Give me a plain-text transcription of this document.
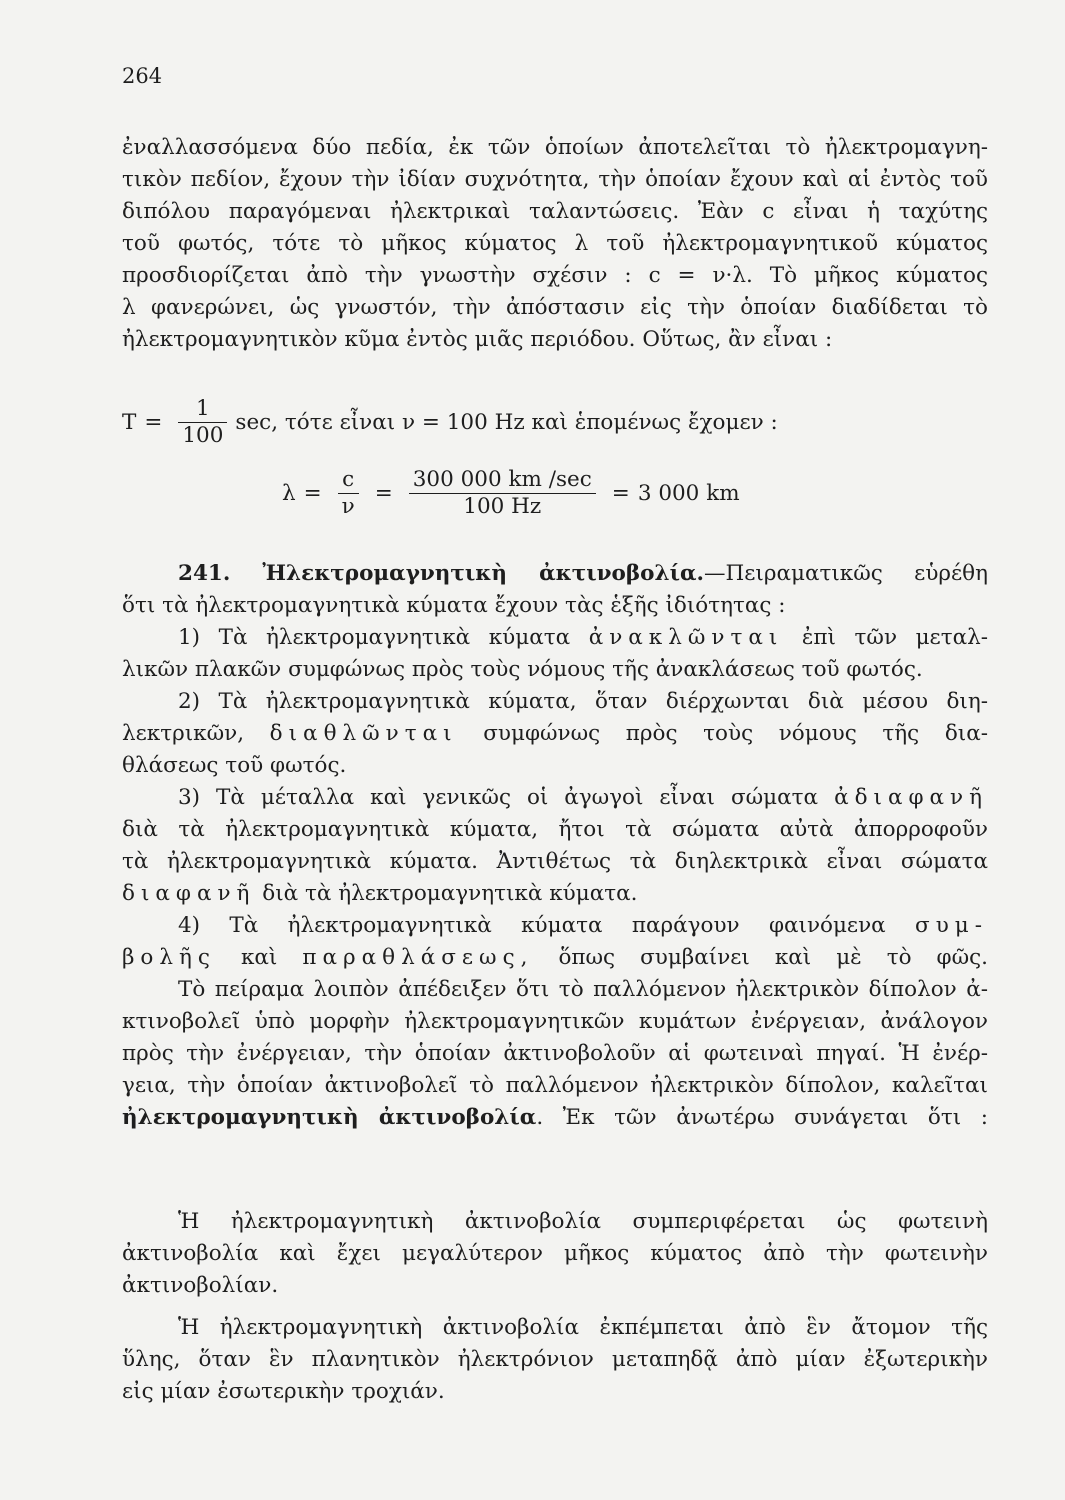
264
ἐναλλασσόμενα δύο πεδία, ἐκ τῶν ὁποίων ἀποτελεῖται τὸ ἠλεκτρομαγνη-
τικὸν πεδίον, ἔχουν τὴν ἰδίαν συχνότητα, τὴν ὁποίαν ἔχουν καὶ αἱ ἐντὸς τοῦ
διπόλου παραγόμεναι ἠλεκτρικαὶ ταλαντώσεις. Ἐὰν c εἶναι ἡ ταχύτης
τοῦ φωτός, τότε τὸ μῆκος κύματος λ τοῦ ἠλεκτρομαγνητικοῦ κύματος
προσδιορίζεται ἀπὸ τὴν γνωστὴν σχέσιν : c = ν·λ. Τὸ μῆκος κύματος
λ φανερώνει, ὡς γνωστόν, τὴν ἀπόστασιν εἰς τὴν ὁποίαν διαδίδεται τὸ
ἠλεκτρομαγνητικὸν κῦμα ἐντὸς μιᾶς περιόδου. Οὕτως, ἂν εἶναι :
$T = \frac{1}{100} \sec$, τότε εἶναι ν = 100 Hz καὶ ἑπομένως ἔχομεν :
$\lambda = \frac{c}{\nu} = \frac{300 000 km /\sec}{100 Hz} = 3$ 000 km
241. Ἠλεκτρομαγνητικὴ ἀκτινοβολία.—Πειραματικῶς εὑρέθη
ὅτι τὰ ἠλεκτρομαγνητικὰ κύματα ἔχουν τὰς ἑξῆς ἰδιότητας :
1) Τὰ ἠλεκτρομαγνητικὰ κύματα ἀνακλῶνται ἐπὶ τῶν μεταλ-
λικῶν πλακῶν συμφώνως πρὸς τοὺς νόμους τῆς ἀνακλάσεως τοῦ φωτός.
2) Τὰ ἠλεκτρομαγνητικὰ κύματα, ὅταν διέρχωνται διὰ μέσου διη-
λεκτρικῶν, διαθλῶνται συμφώνως πρὸς τοὺς νόμους τῆς δια-
θλάσεως τοῦ φωτός.
3) Τὰ μέταλλα καὶ γενικῶς οἱ ἀγωγοὶ εἶναι σώματα ἀδιαφανῆ
διὰ τὰ ἠλεκτρομαγνητικὰ κύματα, ἤτοι τὰ σώματα αὐτὰ ἀπορροφοῦν
τὰ ἠλεκτρομαγνητικὰ κύματα. Ἀντιθέτως τὰ διηλεκτρικὰ εἶναι σώματα
διαφανῆ διὰ τὰ ἠλεκτρομαγνητικὰ κύματα.
4) Τὰ ἠλεκτρομαγνητικὰ κύματα παράγουν φαινόμενα συμ-
βολῆς καὶ παραθλάσεως, ὅπως συμβαίνει καὶ μὲ τὸ φῶς.
Τὸ πείραμα λοιπὸν ἀπέδειξεν ὅτι τὸ παλλόμενον ἠλεκτρικὸν δίπολον ἀ-
κτινοβολεῖ ὑπὸ μορφὴν ἠλεκτρομαγνητικῶν κυμάτων ἐνέργειαν, ἀνάλογον
πρὸς τὴν ἐνέργειαν, τὴν ὁποίαν ἀκτινοβολοῦν αἱ φωτειναὶ πηγαί. Ἡ ἐνέρ-
γεια, τὴν ὁποίαν ἀκτινοβολεῖ τὸ παλλόμενον ἠλεκτρικὸν δίπολον, καλεῖται
ἠλεκτρομαγνητικὴ ἀκτινοβολία. Ἐκ τῶν ἀνωτέρω συνάγεται ὅτι :
Ἡ ἠλεκτρομαγνητικὴ ἀκτινοβολία συμπεριφέρεται ὡς φωτεινὴ
ἀκτινοβολία καὶ ἔχει μεγαλύτερον μῆκος κύματος ἀπὸ τὴν φωτεινὴν
ἀκτινοβολίαν.
Ἡ ἠλεκτρομαγνητικὴ ἀκτινοβολία ἐκπέμπεται ἀπὸ ἓν ἄτομον τῆς
ὕλης, ὅταν ἓν πλανητικὸν ἠλεκτρόνιον μεταπηδᾷ ἀπὸ μίαν ἐξωτερικὴν
εἰς μίαν ἐσωτερικὴν τροχιάν.
